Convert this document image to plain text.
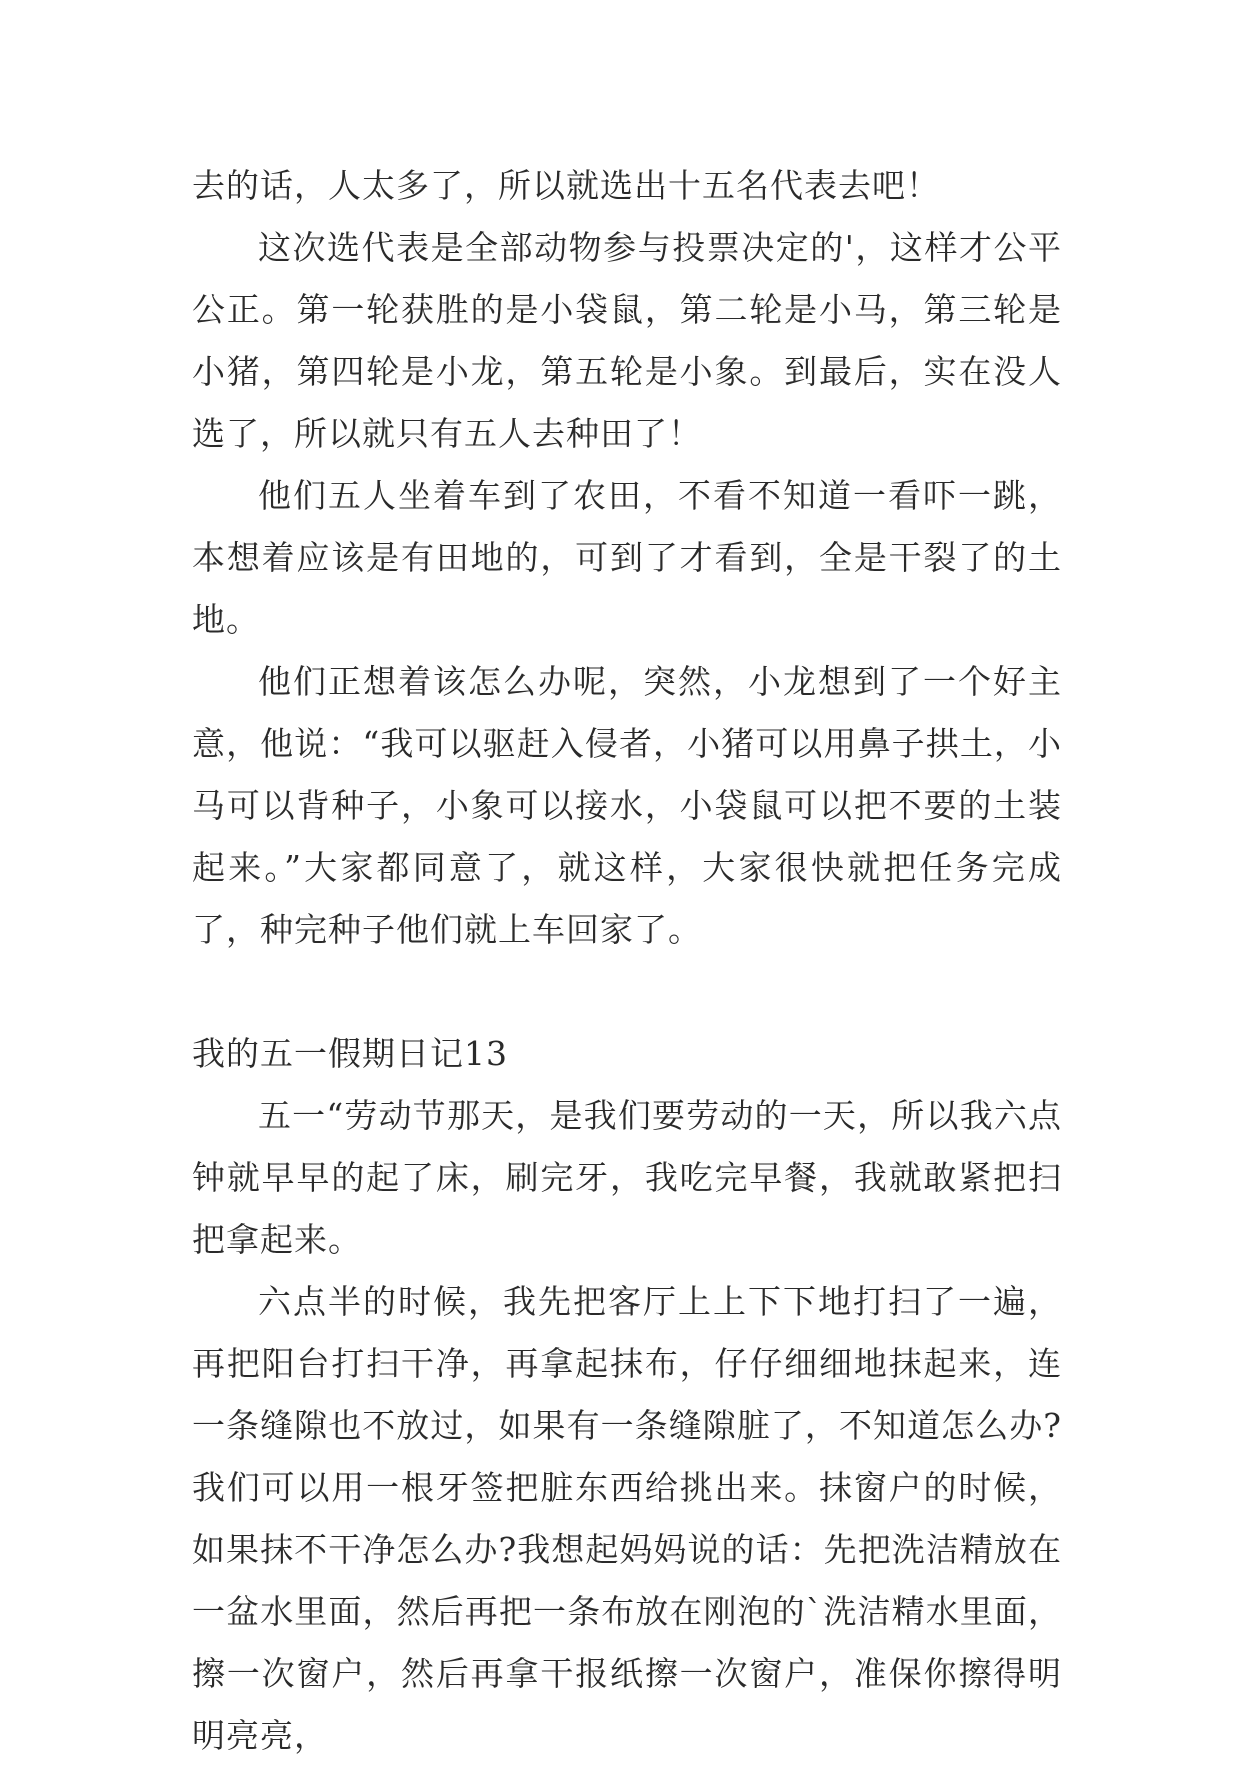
去的话，人太多了，所以就选出十五名代表去吧！

这次选代表是全部动物参与投票决定的'，这样才公平公正。第一轮获胜的是小袋鼠，第二轮是小马，第三轮是小猪，第四轮是小龙，第五轮是小象。到最后，实在没人选了，所以就只有五人去种田了！

他们五人坐着车到了农田，不看不知道一看吓一跳，本想着应该是有田地的，可到了才看到，全是干裂了的土地。

他们正想着该怎么办呢，突然，小龙想到了一个好主意，他说：“我可以驱赶入侵者，小猪可以用鼻子拱土，小马可以背种子，小象可以接水，小袋鼠可以把不要的土装起来。”大家都同意了，就这样，大家很快就把任务完成了，种完种子他们就上车回家了。

我的五一假期日记13

五一“劳动节那天，是我们要劳动的一天，所以我六点钟就早早的起了床，刷完牙，我吃完早餐，我就敢紧把扫把拿起来。

六点半的时候，我先把客厅上上下下地打扫了一遍，再把阳台打扫干净，再拿起抹布，仔仔细细地抹起来，连一条缝隙也不放过，如果有一条缝隙脏了，不知道怎么办?我们可以用一根牙签把脏东西给挑出来。抹窗户的时候，如果抹不干净怎么办?我想起妈妈说的话：先把洗洁精放在一盆水里面，然后再把一条布放在刚泡的`洗洁精水里面，擦一次窗户，然后再拿干报纸擦一次窗户，准保你擦得明明亮亮，
